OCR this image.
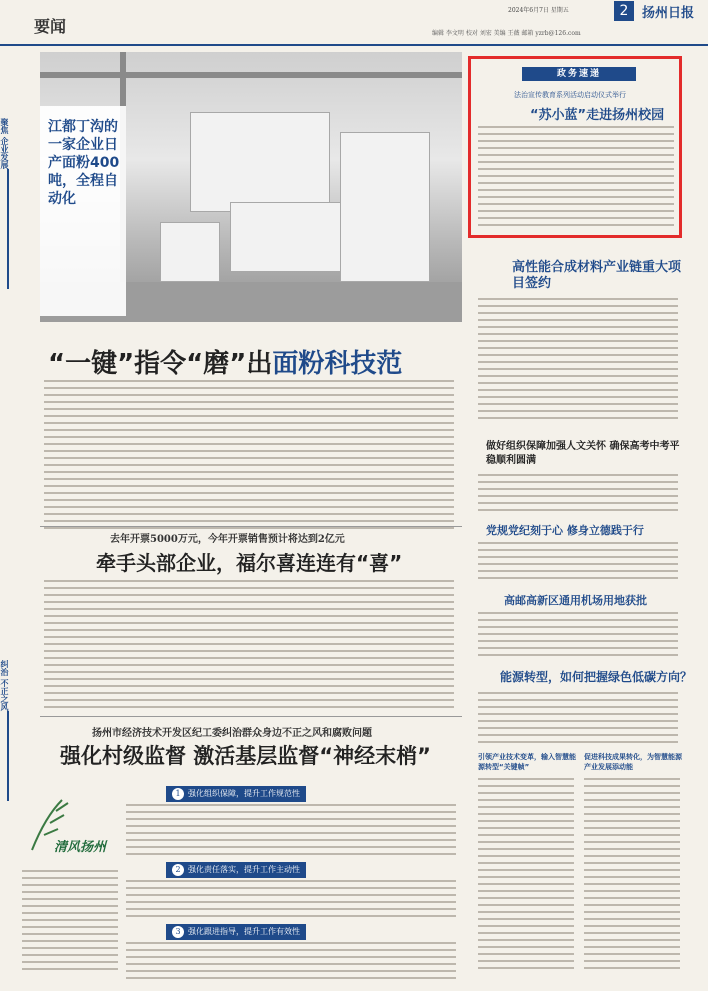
要闻
2024年6月7日 星期五	2	扬州日报
编辑 李文明 校对 刘宏 美编 王薇 邮箱 yzrb@126.com
聚焦 企业发展
纠治 不正之风
江都丁沟的一家企业日产面粉400吨，全程自动化
“一键”指令“磨”出面粉科技范
去年开票5000万元，今年开票销售预计将达到2亿元
牵手头部企业，福尔喜连连有“喜”
扬州市经济技术开发区纪工委纠治群众身边不正之风和腐败问题
强化村级监督 激活基层监督“神经末梢”
清风扬州
1 强化组织保障，提升工作规范性
2 强化责任落实，提升工作主动性
3 强化跟进指导，提升工作有效性
政务速递
法治宣传教育系列活动启动仪式举行
“苏小蓝”走进扬州校园
高性能合成材料产业链重大项目签约
做好组织保障加强人文关怀 确保高考中考平稳顺利圆满
党规党纪刻于心 修身立德践于行
高邮高新区通用机场用地获批
能源转型，如何把握绿色低碳方向？
引领产业技术变革，输入智慧能源转型“关键帧”
促进科技成果转化，为智慧能源产业发展添动能
